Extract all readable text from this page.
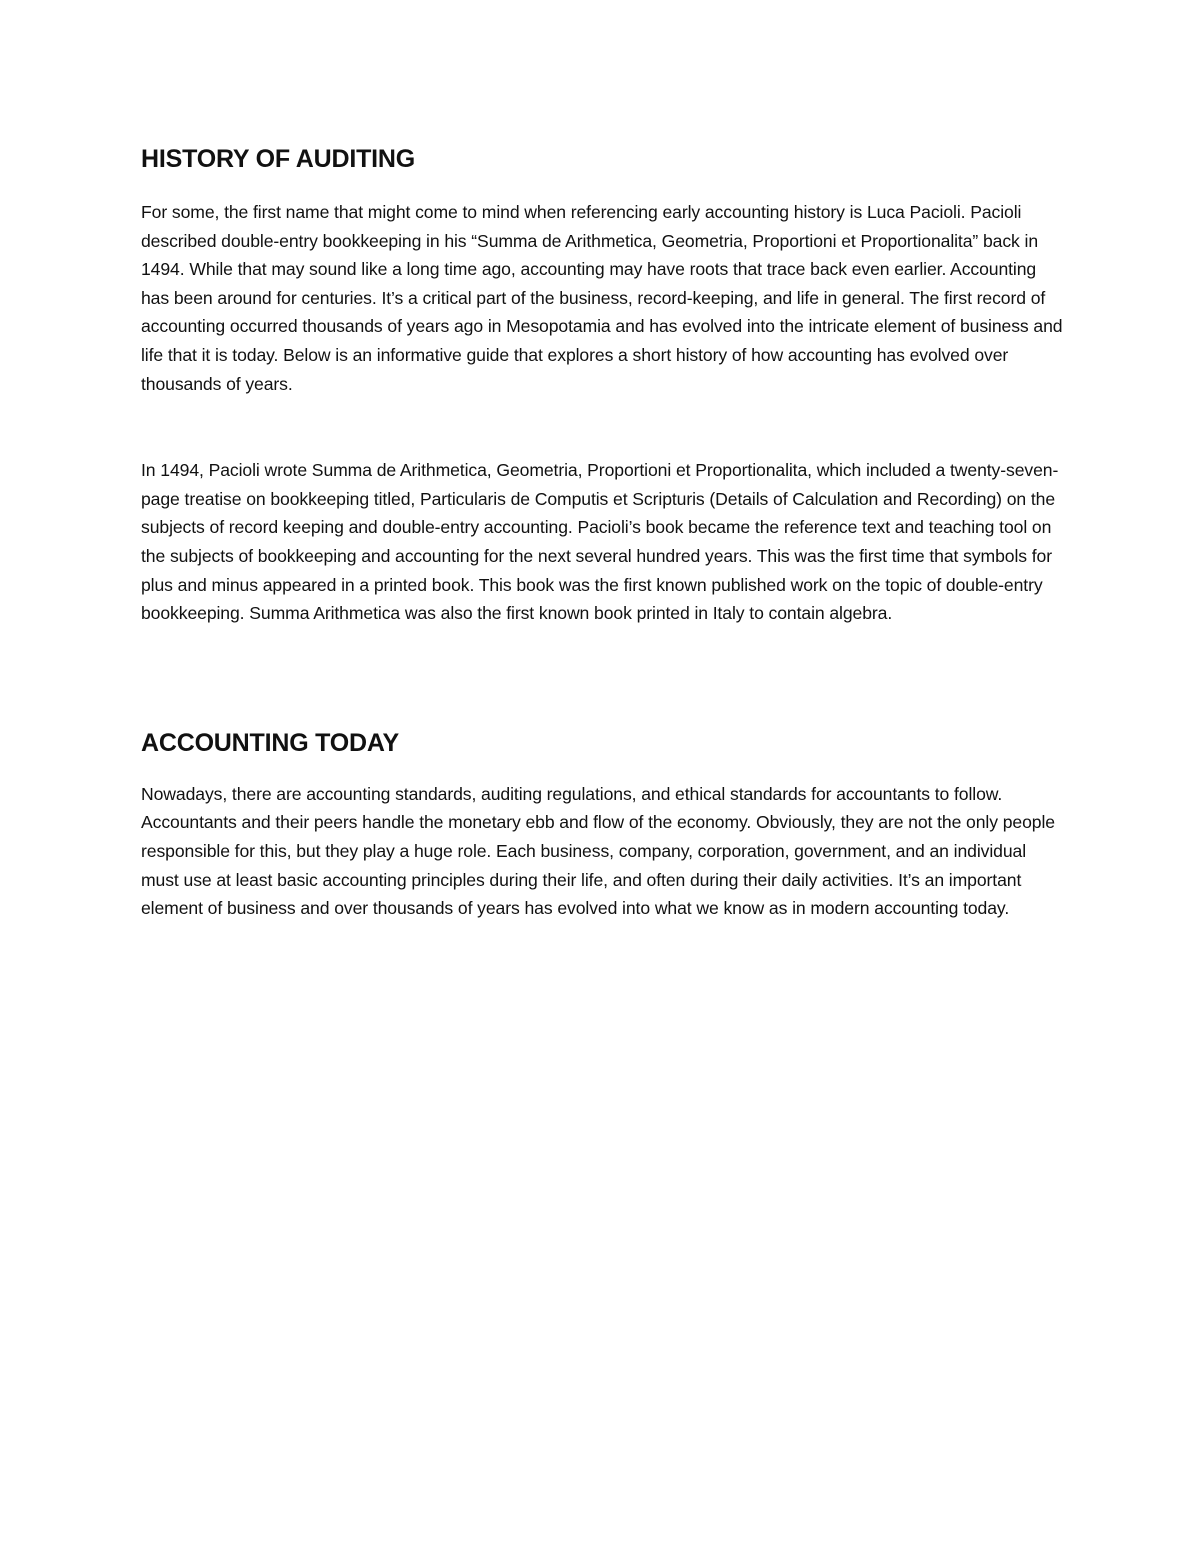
HISTORY OF AUDITING

For some, the first name that might come to mind when referencing early accounting history is Luca Pacioli. Pacioli described double-entry bookkeeping in his “Summa de Arithmetica, Geometria, Proportioni et Proportionalita” back in 1494. While that may sound like a long time ago, accounting may have roots that trace back even earlier. Accounting has been around for centuries. It’s a critical part of the business, record-keeping, and life in general. The first record of accounting occurred thousands of years ago in Mesopotamia and has evolved into the intricate element of business and life that it is today. Below is an informative guide that explores a short history of how accounting has evolved over thousands of years.

In 1494, Pacioli wrote Summa de Arithmetica, Geometria, Proportioni et Proportionalita, which included a twenty-seven-page treatise on bookkeeping titled, Particularis de Computis et Scripturis (Details of Calculation and Recording) on the subjects of record keeping and double-entry accounting. Pacioli’s book became the reference text and teaching tool on the subjects of bookkeeping and accounting for the next several hundred years. This was the first time that symbols for plus and minus appeared in a printed book. This book was the first known published work on the topic of double-entry bookkeeping. Summa Arithmetica was also the first known book printed in Italy to contain algebra.

ACCOUNTING TODAY

Nowadays, there are accounting standards, auditing regulations, and ethical standards for accountants to follow. Accountants and their peers handle the monetary ebb and flow of the economy. Obviously, they are not the only people responsible for this, but they play a huge role. Each business, company, corporation, government, and an individual must use at least basic accounting principles during their life, and often during their daily activities. It’s an important element of business and over thousands of years has evolved into what we know as in modern accounting today.
